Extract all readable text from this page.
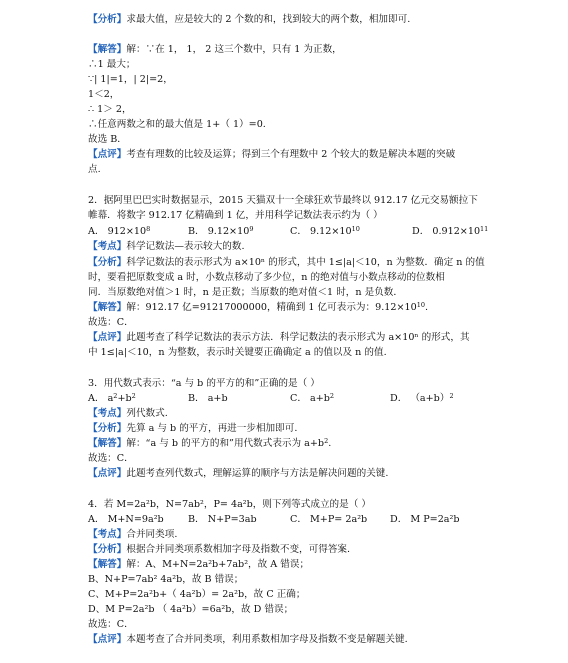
【分析】求最大值，应是较大的 2 个数的和，找到较大的两个数，相加即可.
【解答】解：∵在 1， 1， 2 这三个数中，只有 1 为正数，
∴1 最大；
∵| 1|=1，| 2|=2，
1＜2，
∴ 1＞ 2，
∴任意两数之和的最大值是 1+（ 1）=0.
故选 B．
【点评】考查有理数的比较及运算；得到三个有理数中 2 个较大的数是解决本题的突破
点.
2．据阿里巴巴实时数据显示，2015 天猫双十一全球狂欢节最终以 912.17 亿元交易额拉下
帷幕．将数字 912.17 亿精确到 1 亿，并用科学记数法表示约为（ ）
A． $912\times 10^8$	B． $9.12\times 10^9$	C． $9.12\times 10^{10}$	D． $0.912\times 10^{11}$
【考点】科学记数法—表示较大的数.
【分析】科学记数法的表示形式为 a×10ⁿ 的形式，其中 1≤|a|＜10，n 为整数．确定 n 的值
时，要看把原数变成 a 时，小数点移动了多少位，n 的绝对值与小数点移动的位数相
同．当原数绝对值＞1 时，n 是正数；当原数的绝对值＜1 时，n 是负数．
【解答】解：912.17 亿=91217000000，精确到 1 亿可表示为：$9.12\times 10^{10}$.
故选：C．
【点评】此题考查了科学记数法的表示方法．科学记数法的表示形式为 a×10ⁿ 的形式，其
中 1≤|a|＜10，n 为整数，表示时关键要正确确定 a 的值以及 n 的值.
3．用代数式表示：“a 与 b 的平方的和”正确的是（ ）
A． $a^2+b^2$	B． a+b	C． $a+b^2$	D． $(a+b)^2$
【考点】列代数式.
【分析】先算 a 与 b 的平方，再进一步相加即可.
【解答】解：“a 与 b 的平方的和”用代数式表示为 $a+b^2$.
故选：C．
【点评】此题考查列代数式，理解运算的顺序与方法是解决问题的关键.
4．若 M=2a²b，N=7ab²，P= 4a²b，则下列等式成立的是（ ）
A． M+N=9a²b	B． N+P=3ab	C． M+P= 2a²b D． M P=2a²b
【考点】合并同类项.
【分析】根据合并同类项系数相加字母及指数不变，可得答案.
【解答】解：A、M+N=2a²b+7ab²，故 A 错误；
B、N+P=7ab² 4a²b，故 B 错误；
C、M+P=2a²b+（ 4a²b）= 2a²b，故 C 正确；
D、M P=2a²b （ 4a²b）=6a²b，故 D 错误；
故选：C．
【点评】本题考查了合并同类项，利用系数相加字母及指数不变是解题关键.
